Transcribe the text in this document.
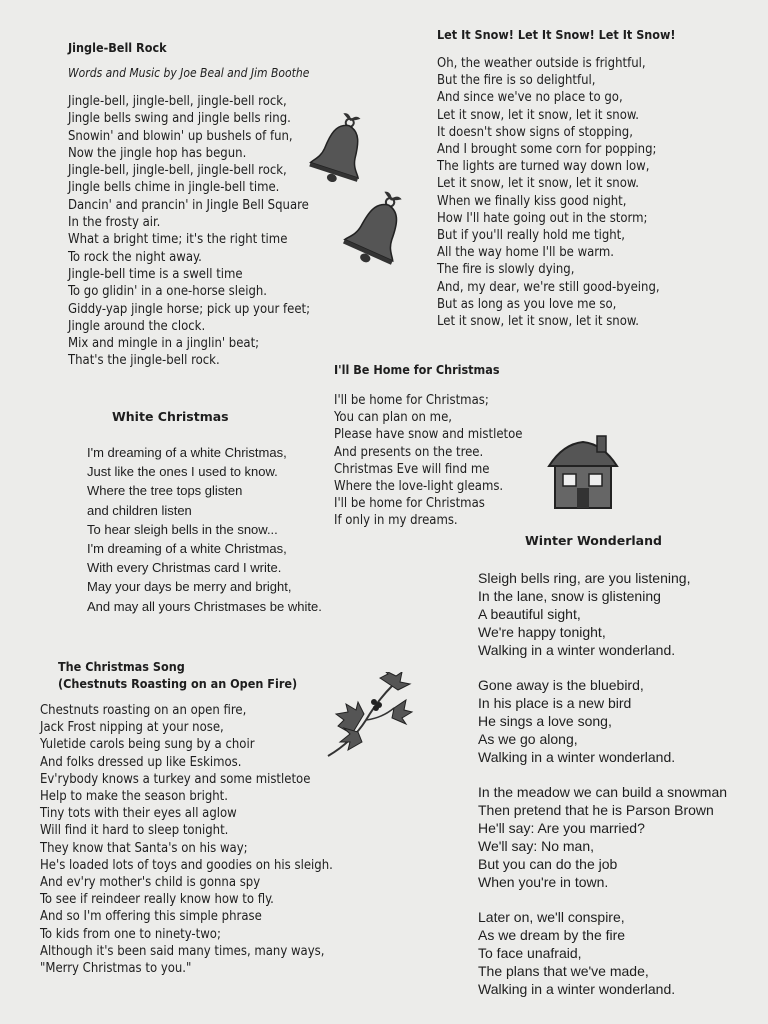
Jingle-Bell Rock
Words and Music by Joe Beal and Jim Boothe
Jingle-bell, jingle-bell, jingle-bell rock,
Jingle bells swing and jingle bells ring.
Snowin' and blowin' up bushels of fun,
Now the jingle hop has begun.
Jingle-bell, jingle-bell, jingle-bell rock,
Jingle bells chime in jingle-bell time.
Dancin' and prancin' in Jingle Bell Square
In the frosty air.
What a bright time; it's the right time
To rock the night away.
Jingle-bell time is a swell time
To go glidin' in a one-horse sleigh.
Giddy-yap jingle horse; pick up your feet;
Jingle around the clock.
Mix and mingle in a jinglin' beat;
That's the jingle-bell rock.
Let It Snow! Let It Snow! Let It Snow!
Oh, the weather outside is frightful,
But the fire is so delightful,
And since we've no place to go,
Let it snow, let it snow, let it snow.
It doesn't show signs of stopping,
And I brought some corn for popping;
The lights are turned way down low,
Let it snow, let it snow, let it snow.
When we finally kiss good night,
How I'll hate going out in the storm;
But if you'll really hold me tight,
All the way home I'll be warm.
The fire is slowly dying,
And, my dear, we're still good-byeing,
But as long as you love me so,
Let it snow, let it snow, let it snow.
I'll Be Home for Christmas
I'll be home for Christmas;
You can plan on me,
Please have snow and mistletoe
And presents on the tree.
Christmas Eve will find me
Where the love-light gleams.
I'll be home for Christmas
If only in my dreams.
White Christmas
I'm dreaming of a white Christmas,
Just like the ones I used to know.
Where the tree tops glisten
and children listen
To hear sleigh bells in the snow...
I'm dreaming of a white Christmas,
With every Christmas card I write.
May your days be merry and bright,
And may all yours Christmases be white.
The Christmas Song
(Chestnuts Roasting on an Open Fire)
Chestnuts roasting on an open fire,
Jack Frost nipping at your nose,
Yuletide carols being sung by a choir
And folks dressed up like Eskimos.
Ev'rybody knows a turkey and some mistletoe
Help to make the season bright.
Tiny tots with their eyes all aglow
Will find it hard to sleep tonight.
They know that Santa's on his way;
He's loaded lots of toys and goodies on his sleigh.
And ev'ry mother's child is gonna spy
To see if reindeer really know how to fly.
And so I'm offering this simple phrase
To kids from one to ninety-two;
Although it's been said many times, many ways,
"Merry Christmas to you."
Winter Wonderland
Sleigh bells ring, are you listening,
In the lane, snow is glistening
A beautiful sight,
We're happy tonight,
Walking in a winter wonderland.
Gone away is the bluebird,
In his place is a new bird
He sings a love song,
As we go along,
Walking in a winter wonderland.
In the meadow we can build a snowman
Then pretend that he is Parson Brown
He'll say: Are you married?
We'll say: No man,
But you can do the job
When you're in town.
Later on, we'll conspire,
As we dream by the fire
To face unafraid,
The plans that we've made,
Walking in a winter wonderland.
